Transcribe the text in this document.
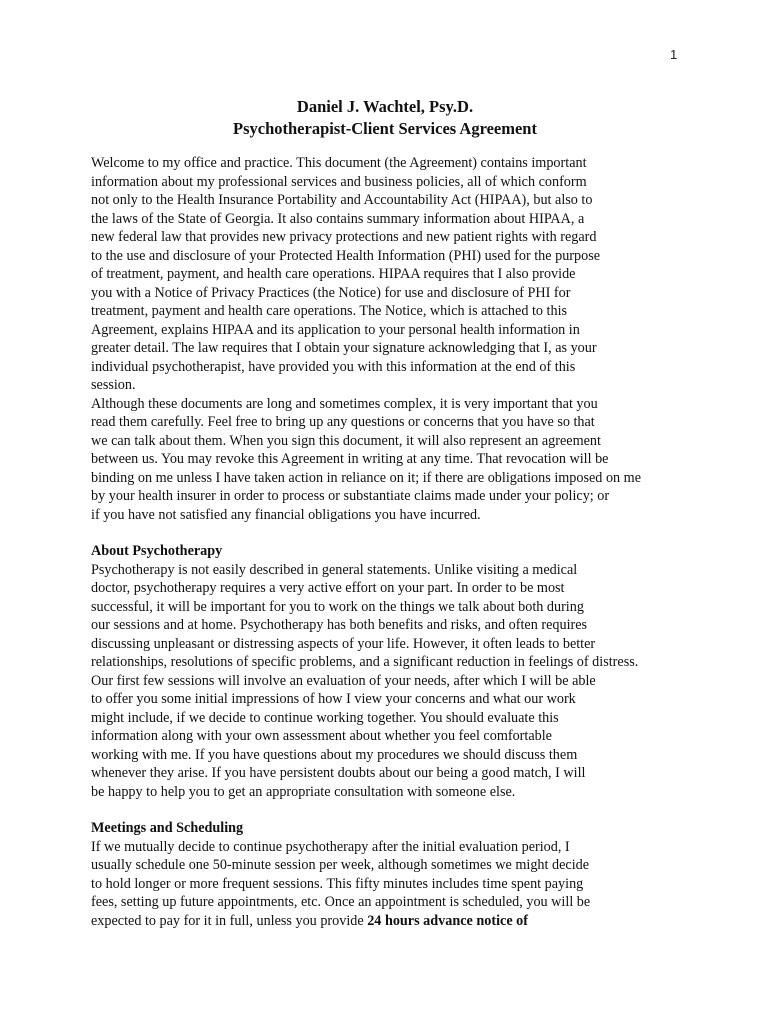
1
Daniel J. Wachtel, Psy.D.
Psychotherapist-Client Services Agreement
Welcome to my office and practice. This document (the Agreement) contains important
information about my professional services and business policies, all of which conform
not only to the Health Insurance Portability and Accountability Act (HIPAA), but also to
the laws of the State of Georgia. It also contains summary information about HIPAA, a
new federal law that provides new privacy protections and new patient rights with regard
to the use and disclosure of your Protected Health Information (PHI) used for the purpose
of treatment, payment, and health care operations. HIPAA requires that I also provide
you with a Notice of Privacy Practices (the Notice) for use and disclosure of PHI for
treatment, payment and health care operations. The Notice, which is attached to this
Agreement, explains HIPAA and its application to your personal health information in
greater detail. The law requires that I obtain your signature acknowledging that I, as your
individual psychotherapist, have provided you with this information at the end of this
session.
Although these documents are long and sometimes complex, it is very important that you
read them carefully. Feel free to bring up any questions or concerns that you have so that
we can talk about them. When you sign this document, it will also represent an agreement
between us. You may revoke this Agreement in writing at any time. That revocation will be
binding on me unless I have taken action in reliance on it; if there are obligations imposed on me
by your health insurer in order to process or substantiate claims made under your policy; or
if you have not satisfied any financial obligations you have incurred.
About Psychotherapy
Psychotherapy is not easily described in general statements. Unlike visiting a medical
doctor, psychotherapy requires a very active effort on your part. In order to be most
successful, it will be important for you to work on the things we talk about both during
our sessions and at home. Psychotherapy has both benefits and risks, and often requires
discussing unpleasant or distressing aspects of your life. However, it often leads to better
relationships, resolutions of specific problems, and a significant reduction in feelings of distress.
Our first few sessions will involve an evaluation of your needs, after which I will be able
to offer you some initial impressions of how I view your concerns and what our work
might include, if we decide to continue working together. You should evaluate this
information along with your own assessment about whether you feel comfortable
working with me. If you have questions about my procedures we should discuss them
whenever they arise. If you have persistent doubts about our being a good match, I will
be happy to help you to get an appropriate consultation with someone else.
Meetings and Scheduling
If we mutually decide to continue psychotherapy after the initial evaluation period, I
usually schedule one 50-minute session per week, although sometimes we might decide
to hold longer or more frequent sessions. This fifty minutes includes time spent paying
fees, setting up future appointments, etc. Once an appointment is scheduled, you will be
expected to pay for it in full, unless you provide 24 hours advance notice of
